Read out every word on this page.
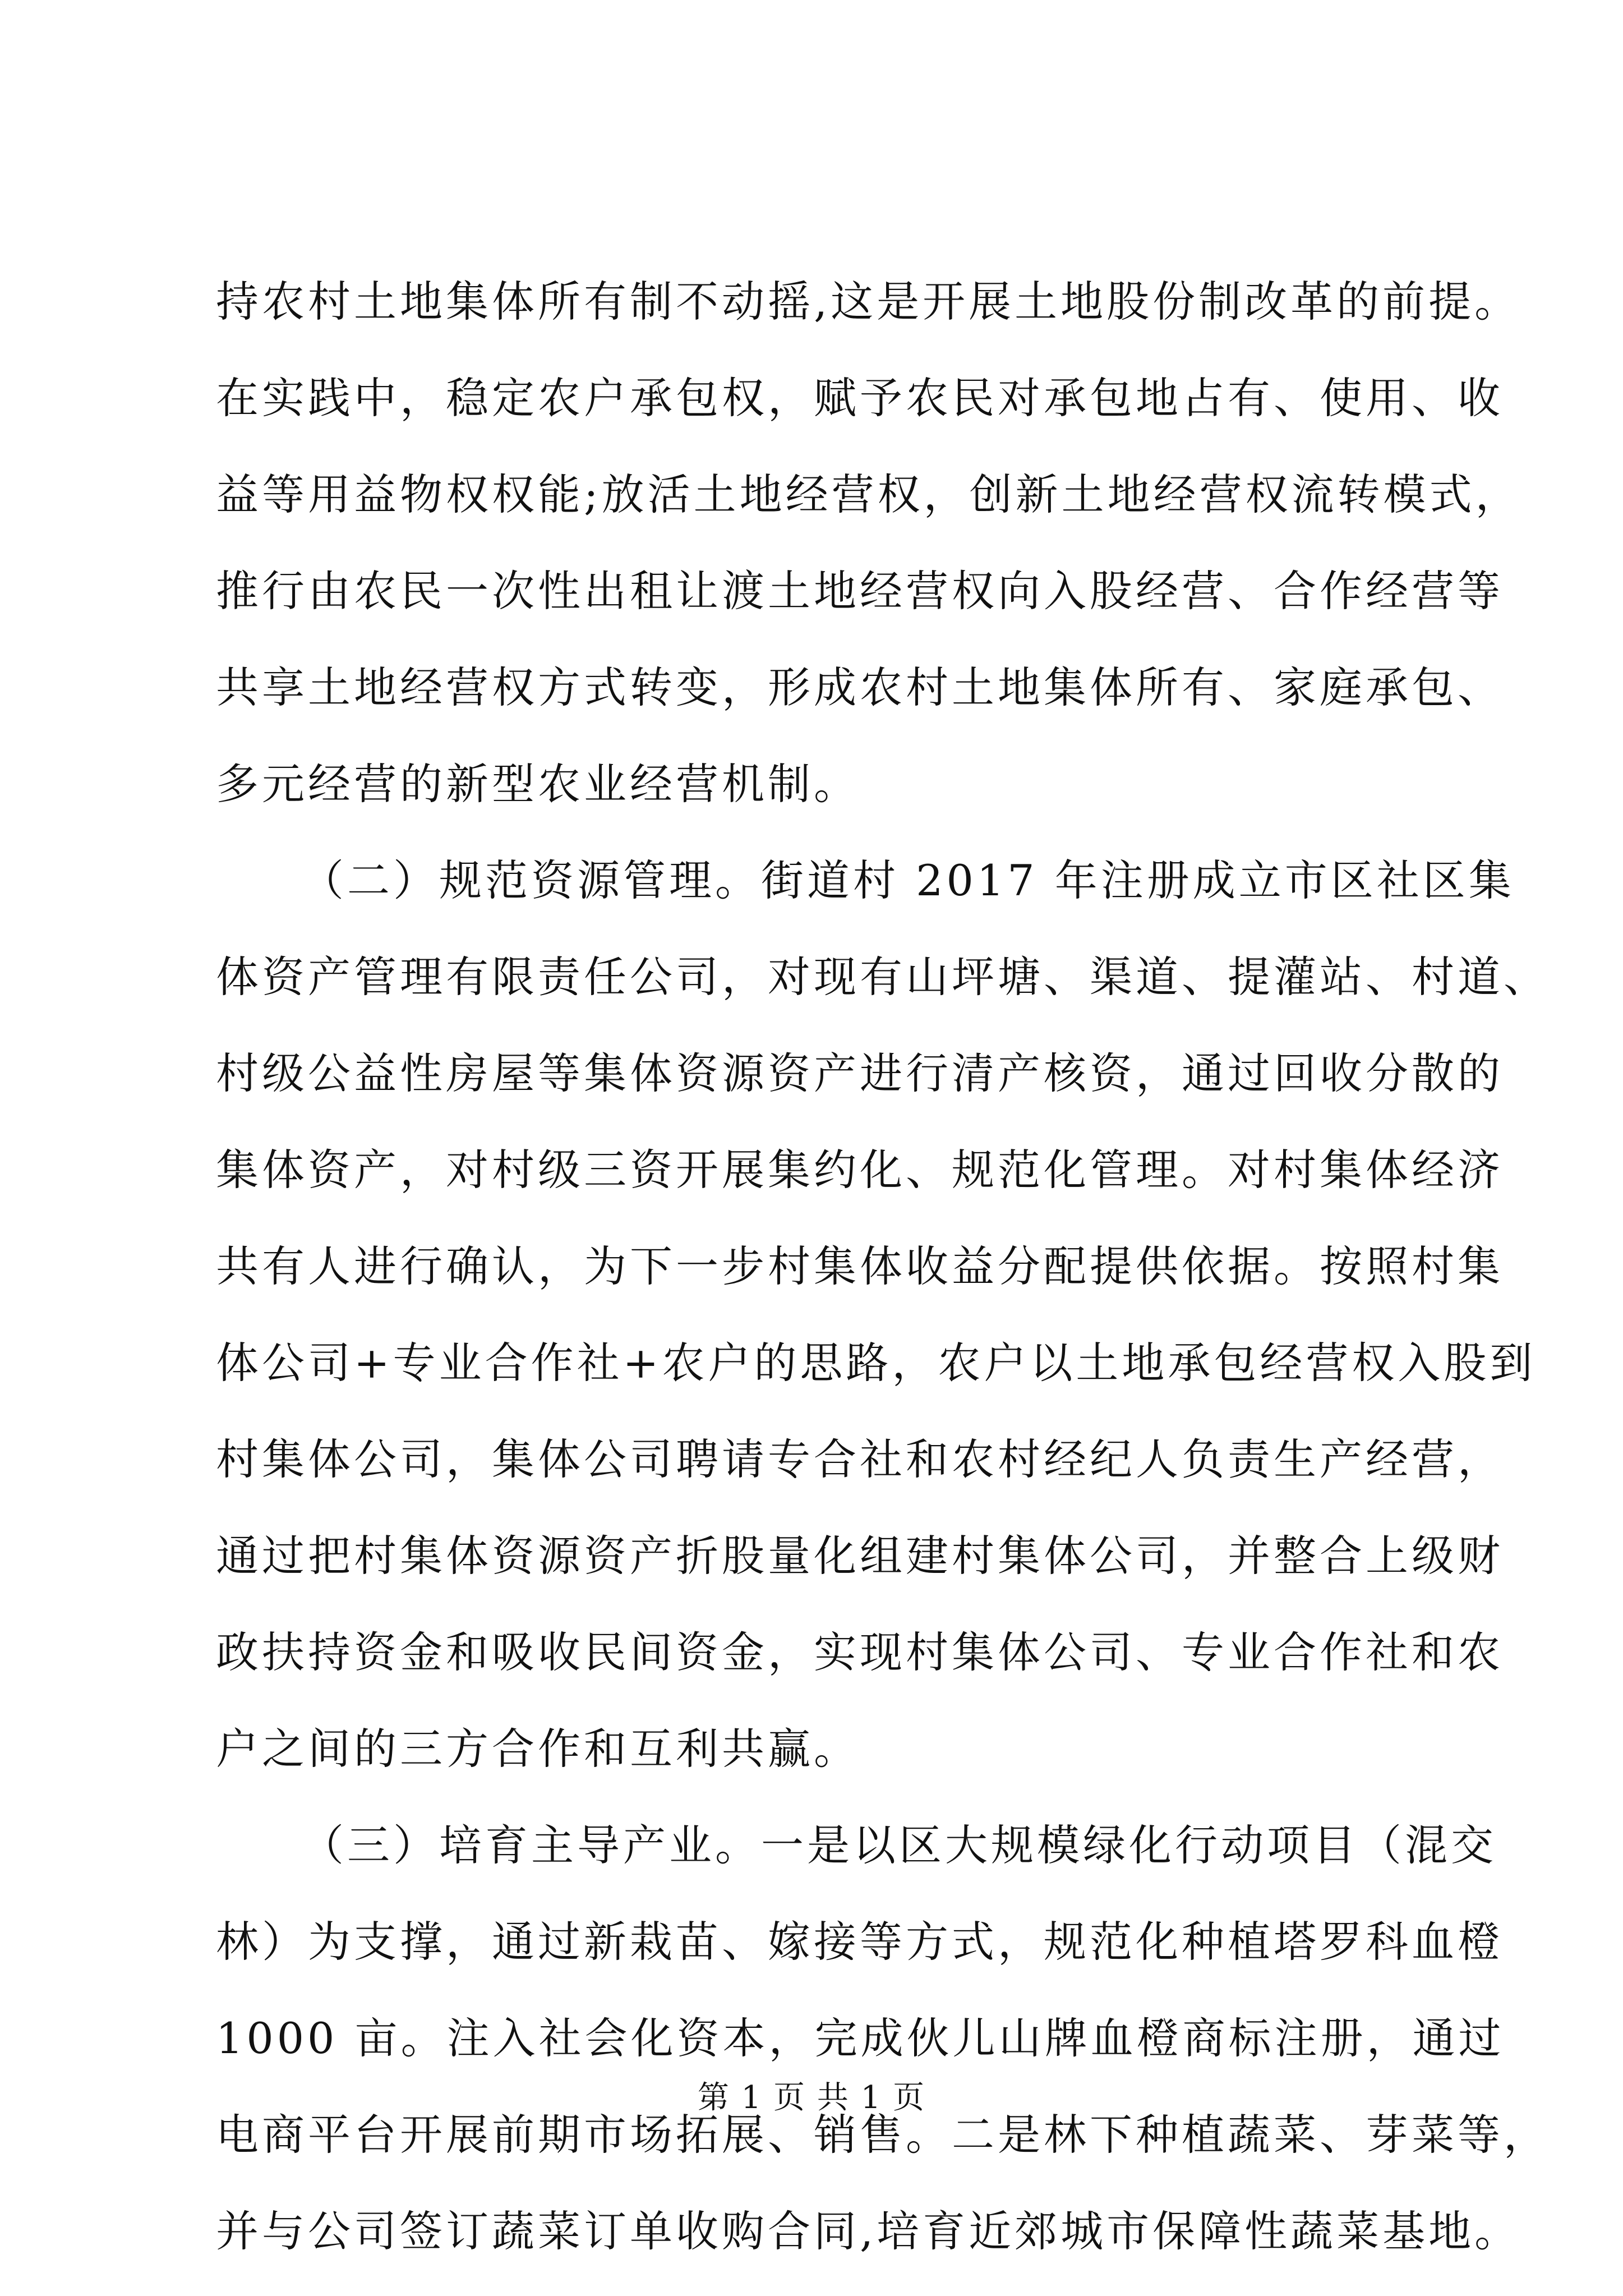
持农村土地集体所有制不动摇,这是开展土地股份制改革的前提。
在实践中，稳定农户承包权，赋予农民对承包地占有、使用、收
益等用益物权权能;放活土地经营权，创新土地经营权流转模式，
推行由农民一次性出租让渡土地经营权向入股经营、合作经营等
共享土地经营权方式转变，形成农村土地集体所有、家庭承包、
多元经营的新型农业经营机制。
（二）规范资源管理。街道村 2017 年注册成立市区社区集
体资产管理有限责任公司，对现有山坪塘、渠道、提灌站、村道、
村级公益性房屋等集体资源资产进行清产核资，通过回收分散的
集体资产，对村级三资开展集约化、规范化管理。对村集体经济
共有人进行确认，为下一步村集体收益分配提供依据。按照村集
体公司+专业合作社+农户的思路，农户以土地承包经营权入股到
村集体公司，集体公司聘请专合社和农村经纪人负责生产经营，
通过把村集体资源资产折股量化组建村集体公司，并整合上级财
政扶持资金和吸收民间资金，实现村集体公司、专业合作社和农
户之间的三方合作和互利共赢。
（三）培育主导产业。一是以区大规模绿化行动项目（混交
林）为支撑，通过新栽苗、嫁接等方式，规范化种植塔罗科血橙
1000 亩。注入社会化资本，完成伙儿山牌血橙商标注册，通过
电商平台开展前期市场拓展、销售。二是林下种植蔬菜、芽菜等，
并与公司签订蔬菜订单收购合同,培育近郊城市保障性蔬菜基地。
第 1 页 共 1 页
